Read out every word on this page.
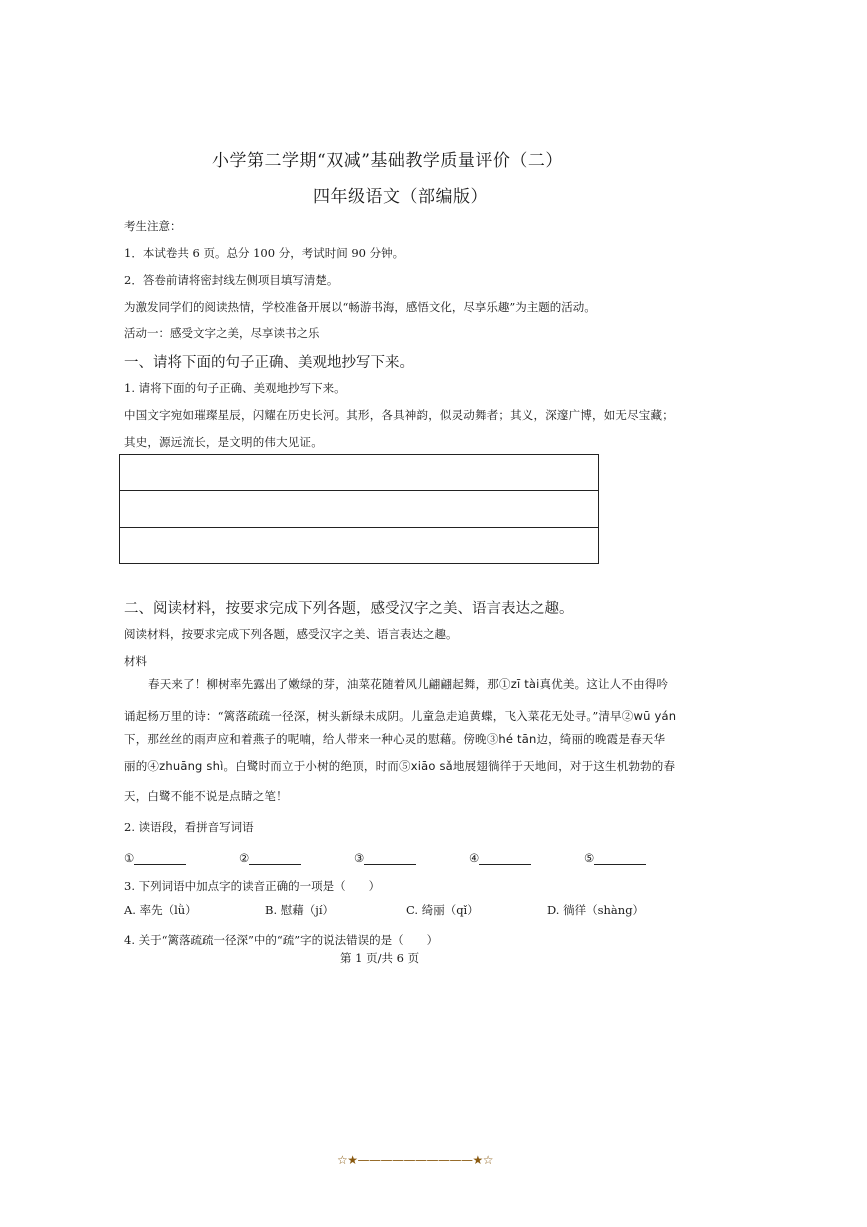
小学第二学期“双减”基础教学质量评价（二）
四年级语文（部编版）
考生注意：
1．本试卷共 6 页。总分 100 分，考试时间 90 分钟。
2．答卷前请将密封线左侧项目填写清楚。
为激发同学们的阅读热情，学校准备开展以“畅游书海，感悟文化，尽享乐趣”为主题的活动。
活动一：感受文字之美，尽享读书之乐
一、请将下面的句子正确、美观地抄写下来。
1. 请将下面的句子正确、美观地抄写下来。
中国文字宛如璀璨星辰，闪耀在历史长河。其形，各具神韵，似灵动舞者；其义，深邃广博，如无尽宝藏；
其史，源远流长，是文明的伟大见证。
二、阅读材料，按要求完成下列各题，感受汉字之美、语言表达之趣。
阅读材料，按要求完成下列各题，感受汉字之美、语言表达之趣。
材料
春天来了！柳树率先露出了嫩绿的芽，油菜花随着风儿翩翩起舞，那①zī tài真优美。这让人不由得吟
诵起杨万里的诗：“篱落疏疏一径深，树头新绿未成阴。儿童急走追黄蝶，飞入菜花无处寻。”清早②wū yán
下，那丝丝的雨声应和着燕子的呢喃，给人带来一种心灵的慰藉。傍晚③hé tān边，绮丽的晚霞是春天华
丽的④zhuāng shì。白鹭时而立于小树的绝顶，时而⑤xiāo sǎ地展翅徜徉于天地间，对于这生机勃勃的春
天，白鹭不能不说是点睛之笔！
2. 读语段，看拼音写词语
①	②	③	④	⑤
3. 下列词语中加点字的读音正确的一项是（　　）
A. 率先（lǜ）	B. 慰藉（jí）	C. 绮丽（qǐ）	D. 徜徉（shàng）
4. 关于“篱落疏疏一径深”中的“疏”字的说法错误的是（　　）
第 1 页/共 6 页
☆★——————————★☆
